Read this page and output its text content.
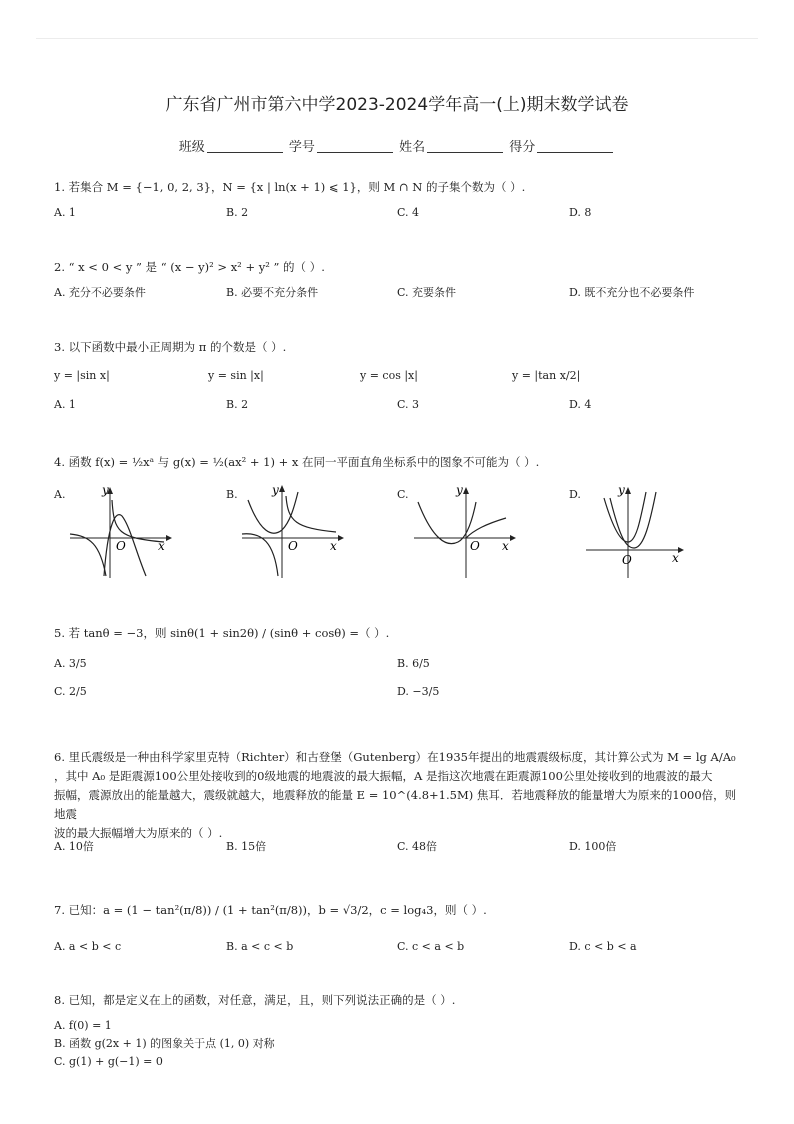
广东省广州市第六中学2023-2024学年高一(上)期末数学试卷
班级	学号	姓名	得分
1. 若集合 M = {−1, 0, 2, 3}，N = {x | ln(x + 1) ⩽ 1}，则 M ∩ N 的子集个数为（ ）.
A. 1	B. 2	C. 4	D. 8
2. “ x < 0 < y ” 是 “ (x − y)² > x² + y² ” 的（ ）.
A. 充分不必要条件	B. 必要不充分条件	C. 充要条件	D. 既不充分也不必要条件
3. 以下函数中最小正周期为 π 的个数是（ ）.
y = |sin x|	y = sin |x|	y = cos |x|	y = |tan x/2|
A. 1	B. 2	C. 3	D. 4
4. 函数 f(x) = ½xᵃ 与 g(x) = ½(ax² + 1) + x 在同一平面直角坐标系中的图象不可能为（ ）.
A.	B.	C.	D.
y
O	x
y
O	x
y
O x
y
O	x
5. 若 tanθ = −3，则 sinθ(1 + sin2θ) / (sinθ + cosθ) =（ ）.
A. 3/5	B. 6/5
C. 2/5	D. −3/5
6. 里氏震级是一种由科学家里克特（Richter）和古登堡（Gutenberg）在1935年提出的地震震级标度，其计算公式为 M = lg A/A₀
，其中 A₀ 是距震源100公里处接收到的0级地震的地震波的最大振幅，A 是指这次地震在距震源100公里处接收到的地震波的最大
振幅，震源放出的能量越大，震级就越大，地震释放的能量 E = 10^(4.8+1.5M) 焦耳．若地震释放的能量增大为原来的1000倍，则地震
波的最大振幅增大为原来的（ ）.
A. 10倍	B. 15倍	C. 48倍	D. 100倍
7. 已知：a = (1 − tan²(π/8)) / (1 + tan²(π/8))，b = √3/2，c = log₄3，则（ ）.
A. a < b < c	B. a < c < b	C. c < a < b	D. c < b < a
8. 已知，都是定义在上的函数，对任意，满足，且，则下列说法正确的是（ ）.
A. f(0) = 1
B. 函数 g(2x + 1) 的图象关于点 (1, 0) 对称
C. g(1) + g(−1) = 0
